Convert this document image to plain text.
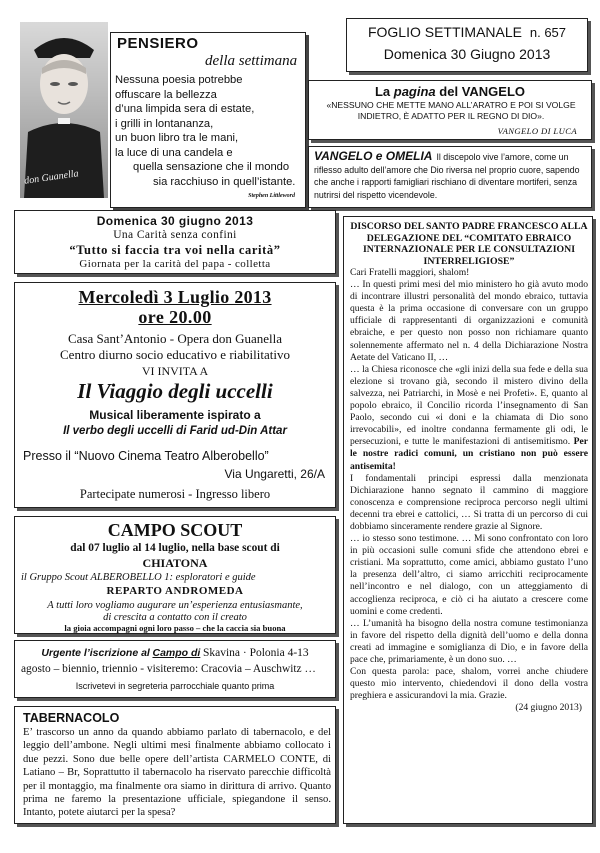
don Guanella
PENSIERO
della settimana
Nessuna poesia potrebbe
offuscare la bellezza
d’una limpida sera di estate,
i grilli in lontananza,
un buon libro tra le mani,
la luce di una candela e
quella sensazione che il mondo
sia racchiuso in quell’istante.
Stephen Littleword
FOGLIO SETTIMANALE n. 657
Domenica 30 Giugno 2013
La pagina del VANGELO
«NESSUNO CHE METTE MANO ALL’ARATRO E POI SI VOLGE INDIETRO, È ADATTO PER IL REGNO DI DIO».
VANGELO DI LUCA
VANGELO e OMELIA Il discepolo vive l’amore, come un riflesso adulto dell’amore che Dio riversa nel proprio cuore, sapendo che anche i rapporti famigliari rischiano di diventare mortiferi, senza nutrirsi del rispetto vicendevole.
Domenica 30 giugno 2013
Una Carità senza confini
“Tutto si faccia tra voi nella carità”
Giornata per la carità del papa - colletta
Mercoledì 3 Luglio 2013
ore 20.00
Casa Sant’Antonio - Opera don Guanella
Centro diurno socio educativo e riabilitativo
VI INVITA A
Il Viaggio degli uccelli
Musical liberamente ispirato a
Il verbo degli uccelli di Farid ud-Din Attar
Presso il “Nuovo Cinema Teatro Alberobello”
Via Ungaretti, 26/A
Partecipate numerosi - Ingresso libero
CAMPO SCOUT
dal 07 luglio al 14 luglio, nella base scout di
CHIATONA
il Gruppo Scout ALBEROBELLO 1: esploratori e guide
REPARTO ANDROMEDA
A tutti loro vogliamo augurare un’esperienza entusiasmante,
di crescita a contatto con il creato
la gioia accompagni ogni loro passo – che la caccia sia buona
Urgente l’iscrizione al Campo di Skavina · Polonia 4-13
agosto – biennio, triennio - visiteremo: Cracovia – Auschwitz …
Iscrivetevi in segreteria parrocchiale quanto prima
TABERNACOLO
E’ trascorso un anno da quando abbiamo parlato di tabernacolo, e del leggio dell’ambone. Negli ultimi mesi finalmente abbiamo collocato i due pezzi. Sono due belle opere dell’artista CARMELO CONTE, di Latiano – Br, Soprattutto il tabernacolo ha riservato parecchie difficoltà per il montaggio, ma finalmente ora siamo in dirittura di arrivo. Quanto prima ne faremo la presentazione ufficiale, spiegandone il senso. Intanto, potete aiutarci per la spesa?
DISCORSO DEL SANTO PADRE FRANCESCO ALLA DELEGAZIONE DEL “COMITATO EBRAICO INTERNAZIONALE PER LE CONSULTAZIONI INTERRELIGIOSE”

Cari Fratelli maggiori, shalom!

… In questi primi mesi del mio ministero ho già avuto modo di incontrare illustri personalità del mondo ebraico, tuttavia questa è la prima occasione di conversare con un gruppo ufficiale di rappresentanti di organizzazioni e comunità ebraiche, e per questo non posso non richiamare quanto solennemente affermato nel n. 4 della Dichiarazione Nostra Aetate del Vaticano II, …

… la Chiesa riconosce che «gli inizi della sua fede e della sua elezione si trovano già, secondo il mistero divino della salvezza, nei Patriarchi, in Mosè e nei Profeti». E, quanto al popolo ebraico, il Concilio ricorda l’insegnamento di San Paolo, secondo cui «i doni e la chiamata di Dio sono irrevocabili», ed inoltre condanna fermamente gli odi, le persecuzioni, e tutte le manifestazioni di antisemitismo. Per le nostre radici comuni, un cristiano non può essere antisemita!

I fondamentali principi espressi dalla menzionata Dichiarazione hanno segnato il cammino di maggiore conoscenza e comprensione reciproca percorso negli ultimi decenni tra ebrei e cattolici, … Si tratta di un percorso di cui dobbiamo sinceramente rendere grazie al Signore.

… io stesso sono testimone. … Mi sono confrontato con loro in più occasioni sulle comuni sfide che attendono ebrei e cristiani. Ma soprattutto, come amici, abbiamo gustato l’uno la presenza dell’altro, ci siamo arricchiti reciprocamente nell’incontro e nel dialogo, con un atteggiamento di accoglienza reciproca, e ciò ci ha aiutato a crescere come uomini e come credenti.

… L’umanità ha bisogno della nostra comune testimonianza in favore del rispetto della dignità dell’uomo e della donna creati ad immagine e somiglianza di Dio, e in favore della pace che, primariamente, è un dono suo. …

Con questa parola: pace, shalom, vorrei anche chiudere questo mio intervento, chiedendovi il dono della vostra preghiera e assicurandovi la mia. Grazie.

(24 giugno 2013)
